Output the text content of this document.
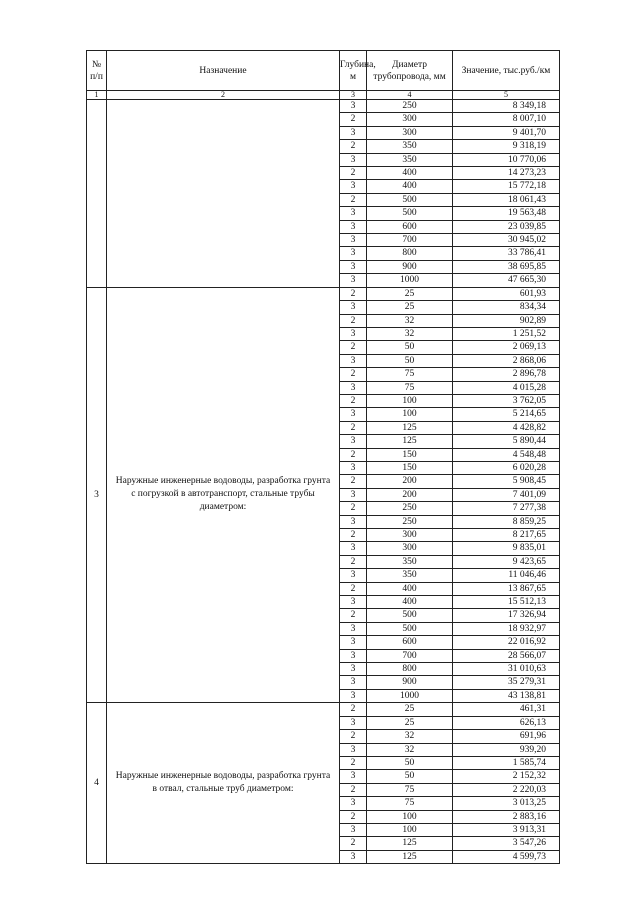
№ п/п	Назначение	Глубина, м	Диаметр трубопровода, мм	Значение, тыс.руб./км
1	2	3	4	5
		3	250	8 349,18
		2	300	8 007,10
		3	300	9 401,70
		2	350	9 318,19
		3	350	10 770,06
		2	400	14 273,23
		3	400	15 772,18
		2	500	18 061,43
		3	500	19 563,48
		3	600	23 039,85
		3	700	30 945,02
		3	800	33 786,41
		3	900	38 695,85
		3	1000	47 665,30
3	Наружные инженерные водоводы, разработка грунта с погрузкой в автотранспорт, стальные трубы диаметром:	2	25	601,93
		3	25	834,34
		2	32	902,89
		3	32	1 251,52
		2	50	2 069,13
		3	50	2 868,06
		2	75	2 896,78
		3	75	4 015,28
		2	100	3 762,05
		3	100	5 214,65
		2	125	4 428,82
		3	125	5 890,44
		2	150	4 548,48
		3	150	6 020,28
		2	200	5 908,45
		3	200	7 401,09
		2	250	7 277,38
		3	250	8 859,25
		2	300	8 217,65
		3	300	9 835,01
		2	350	9 423,65
		3	350	11 046,46
		2	400	13 867,65
		3	400	15 512,13
		2	500	17 326,94
		3	500	18 932,97
		3	600	22 016,92
		3	700	28 566,07
		3	800	31 010,63
		3	900	35 279,31
		3	1000	43 138,81
4	Наружные инженерные водоводы, разработка грунта в отвал, стальные труб диаметром:	2	25	461,31
		3	25	626,13
		2	32	691,96
		3	32	939,20
		2	50	1 585,74
		3	50	2 152,32
		2	75	2 220,03
		3	75	3 013,25
		2	100	2 883,16
		3	100	3 913,31
		2	125	3 547,26
		3	125	4 599,73
